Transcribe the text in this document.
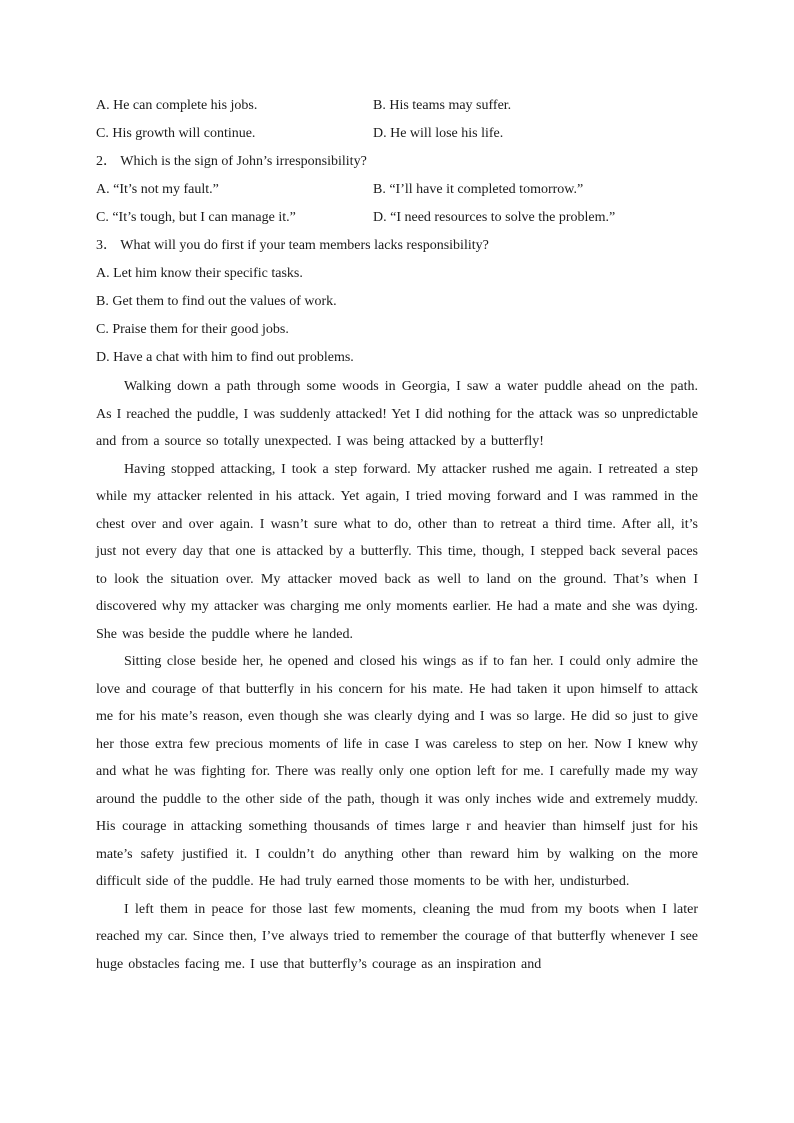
A. He can complete his jobs.	B. His teams may suffer.
C. His growth will continue.	D. He will lose his life.
2． Which is the sign of John’s irresponsibility?
A. “It’s not my fault.”	B. “I’ll have it completed tomorrow.”
C. “It’s tough, but I can manage it.”	D. “I need resources to solve the problem.”
3． What will you do first if your team members lacks responsibility?
A. Let him know their specific tasks.
B. Get them to find out the values of work.
C. Praise them for their good jobs.
D. Have a chat with him to find out problems.

Walking down a path through some woods in Georgia, I saw a water puddle ahead on the path. As I reached the puddle, I was suddenly attacked! Yet I did nothing for the attack was so unpredictable and from a source so totally unexpected. I was being attacked by a butterfly!

Having stopped attacking, I took a step forward. My attacker rushed me again. I retreated a step while my attacker relented in his attack. Yet again, I tried moving forward and I was rammed in the chest over and over again. I wasn’t sure what to do, other than to retreat a third time. After all, it’s just not every day that one is attacked by a butterfly. This time, though, I stepped back several paces to look the situation over. My attacker moved back as well to land on the ground. That’s when I discovered why my attacker was charging me only moments earlier. He had a mate and she was dying. She was beside the puddle where he landed.

Sitting close beside her, he opened and closed his wings as if to fan her. I could only admire the love and courage of that butterfly in his concern for his mate. He had taken it upon himself to attack me for his mate’s reason, even though she was clearly dying and I was so large. He did so just to give her those extra few precious moments of life in case I was careless to step on her. Now I knew why and what he was fighting for. There was really only one option left for me. I carefully made my way around the puddle to the other side of the path, though it was only inches wide and extremely muddy. His courage in attacking something thousands of times large r and heavier than himself just for his mate’s safety justified it. I couldn’t do anything other than reward him by walking on the more difficult side of the puddle. He had truly earned those moments to be with her, undisturbed.

I left them in peace for those last few moments, cleaning the mud from my boots when I later reached my car. Since then, I’ve always tried to remember the courage of that butterfly whenever I see huge obstacles facing me. I use that butterfly’s courage as an inspiration and
